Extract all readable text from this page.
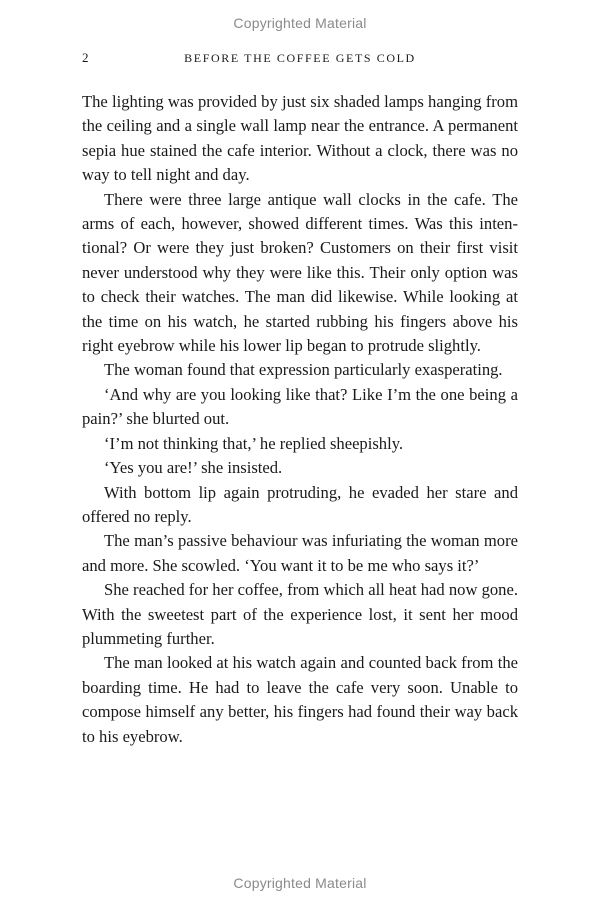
Copyrighted Material
2	BEFORE THE COFFEE GETS COLD

The lighting was provided by just six shaded lamps hanging from the ceiling and a single wall lamp near the entrance. A permanent sepia hue stained the cafe interior. Without a clock, there was no way to tell night and day.

There were three large antique wall clocks in the cafe. The arms of each, however, showed different times. Was this intentional? Or were they just broken? Customers on their first visit never understood why they were like this. Their only option was to check their watches. The man did likewise. While looking at the time on his watch, he started rubbing his fingers above his right eyebrow while his lower lip began to protrude slightly.

The woman found that expression particularly exasperating.

‘And why are you looking like that? Like I’m the one being a pain?’ she blurted out.

‘I’m not thinking that,’ he replied sheepishly.

‘Yes you are!’ she insisted.

With bottom lip again protruding, he evaded her stare and offered no reply.

The man’s passive behaviour was infuriating the woman more and more. She scowled. ‘You want it to be me who says it?’

She reached for her coffee, from which all heat had now gone. With the sweetest part of the experience lost, it sent her mood plummeting further.

The man looked at his watch again and counted back from the boarding time. He had to leave the cafe very soon. Unable to compose himself any better, his fingers had found their way back to his eyebrow.

Copyrighted Material
